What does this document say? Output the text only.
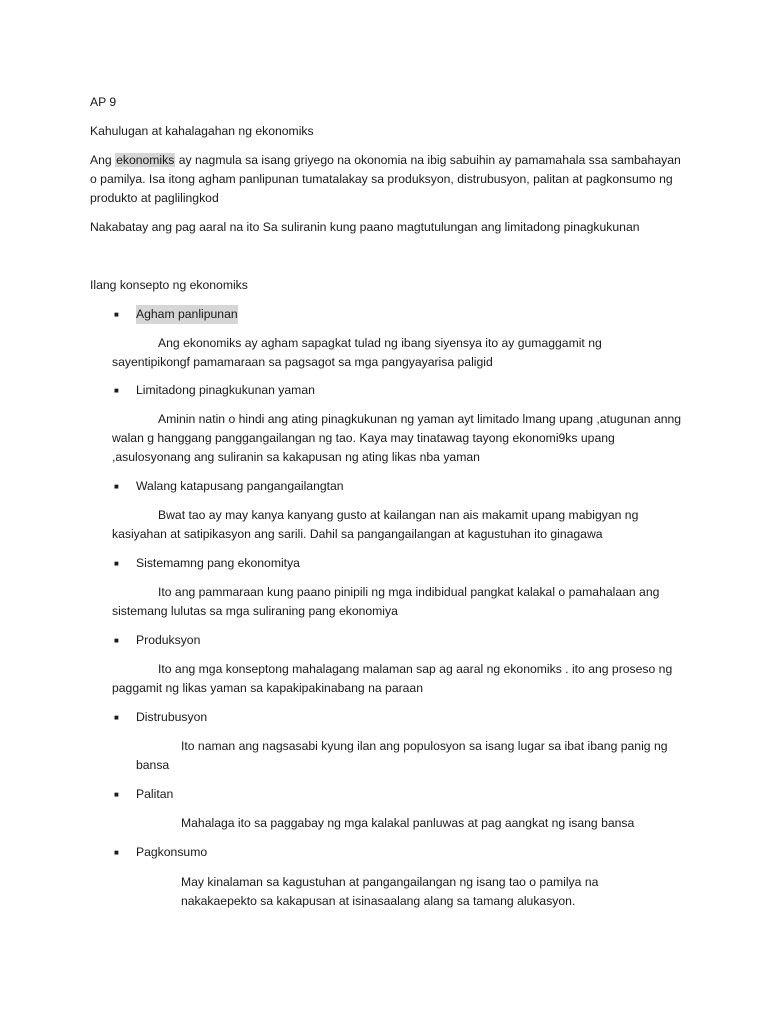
AP 9

Kahulugan at kahalagahan ng ekonomiks

Ang ekonomiks ay nagmula sa isang griyego na okonomia na ibig sabuihin ay pamamahala ssa sambahayan o pamilya. Isa itong agham panlipunan tumatalakay sa produksyon, distrubusyon, palitan at pagkonsumo ng produkto at paglilingkod

Nakabatay ang pag aaral na ito Sa suliranin kung paano magtutulungan ang limitadong pinagkukunan

Ilang konsepto ng ekonomiks

■	Agham panlipunan

Ang ekonomiks ay agham sapagkat tulad ng ibang siyensya ito ay gumaggamit ng sayentipikongf pamamaraan sa pagsagot sa mga pangyayarisa paligid

■	Limitadong pinagkukunan yaman

Aminin natin o hindi ang ating pinagkukunan ng yaman ayt limitado lmang upang ,atugunan anng walan g hanggang panggangailangan ng tao. Kaya may tinatawag tayong ekonomi9ks upang ,asulosyonang ang suliranin sa kakapusan ng ating likas nba yaman

■	Walang katapusang pangangailangtan

Bwat tao ay may kanya kanyang gusto at kailangan nan ais makamit upang mabigyan ng kasiyahan at satipikasyon ang sarili. Dahil sa pangangailangan at kagustuhan ito ginagawa

■	Sistemamng pang ekonomitya

Ito ang pammaraan kung paano pinipili ng mga indibidual pangkat kalakal o pamahalaan ang sistemang lulutas sa mga suliraning pang ekonomiya

■	Produksyon

Ito ang mga konseptong mahalagang malaman sap ag aaral ng ekonomiks . ito ang proseso ng paggamit ng likas yaman sa kapakipakinabang na paraan

■	Distrubusyon

Ito naman ang nagsasabi kyung ilan ang populosyon sa isang lugar sa ibat ibang panig ng bansa

■	Palitan

Mahalaga ito sa paggabay ng mga kalakal panluwas at pag aangkat ng isang bansa

■	Pagkonsumo

May kinalaman sa kagustuhan at pangangailangan ng isang tao o pamilya na nakakaepekto sa kakapusan at isinasaalang alang sa tamang alukasyon.
